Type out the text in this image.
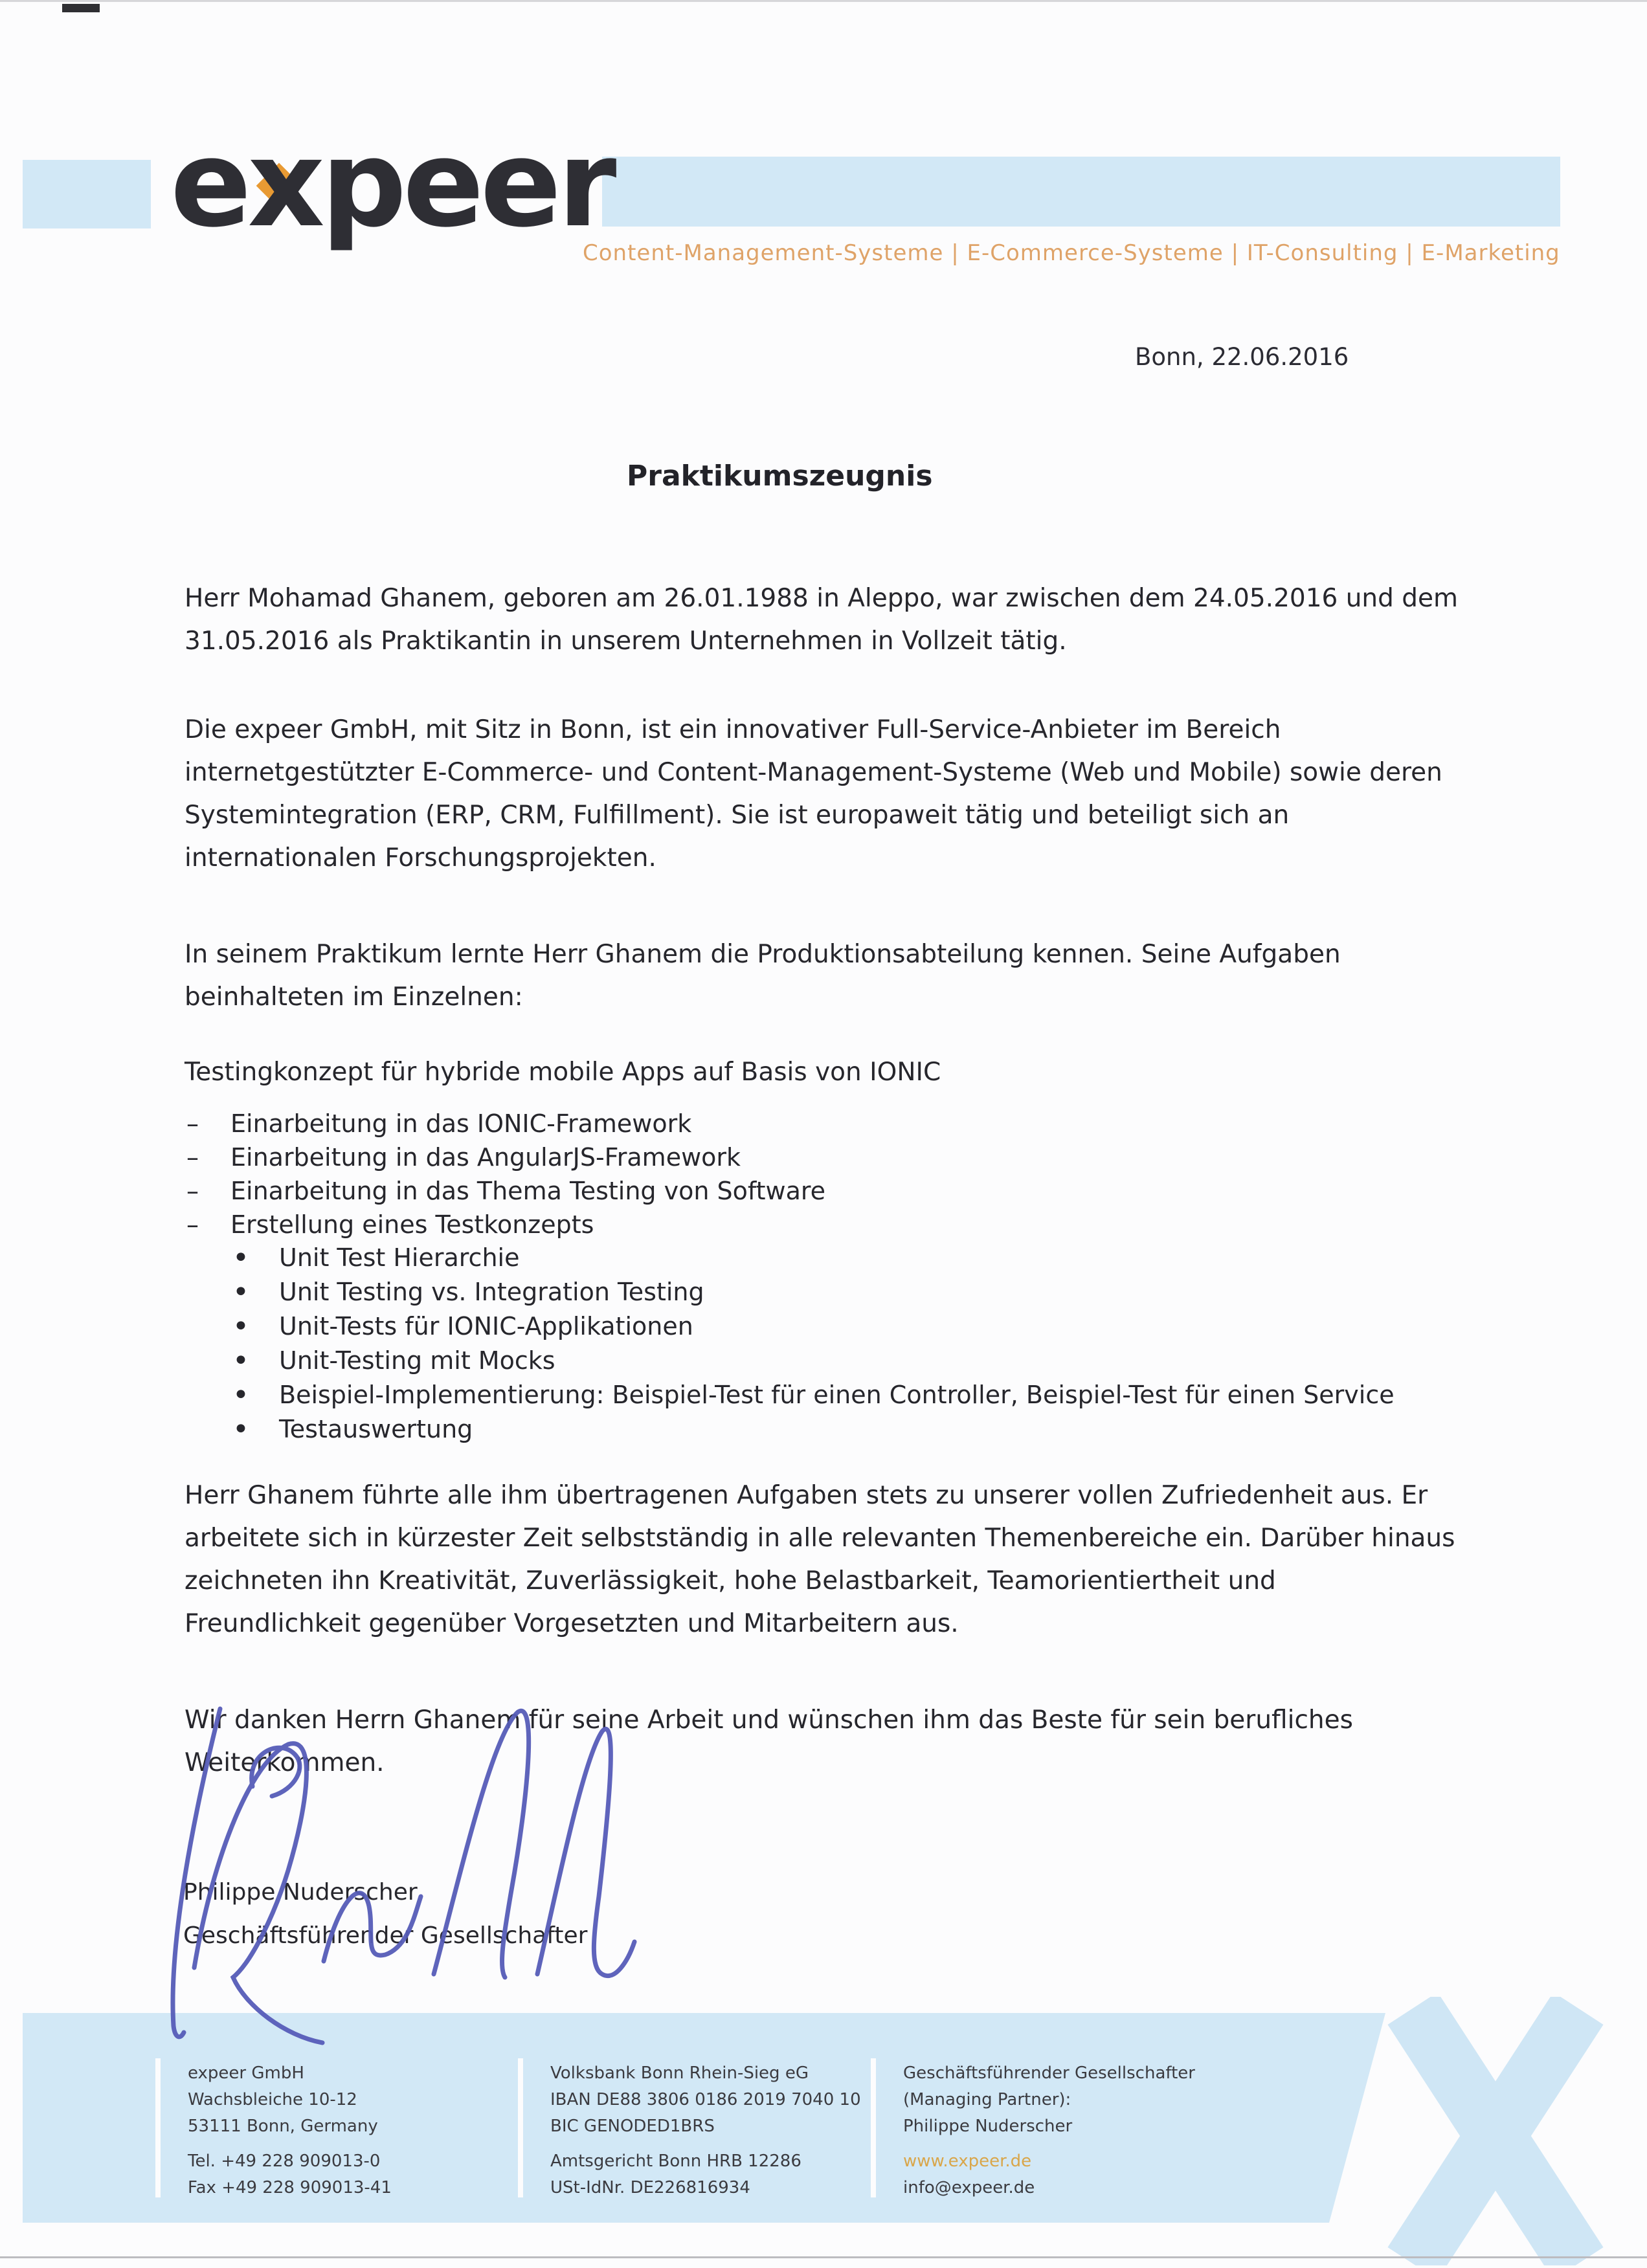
expeer
Content-Management-Systeme | E-Commerce-Systeme | IT-Consulting | E-Marketing
Bonn, 22.06.2016
Praktikumszeugnis
Herr Mohamad Ghanem, geboren am 26.01.1988 in Aleppo, war zwischen dem 24.05.2016 und dem
31.05.2016 als Praktikantin in unserem Unternehmen in Vollzeit tätig.
Die expeer GmbH, mit Sitz in Bonn, ist ein innovativer Full-Service-Anbieter im Bereich
internetgestützter E-Commerce- und Content-Management-Systeme (Web und Mobile) sowie deren
Systemintegration (ERP, CRM, Fulfillment). Sie ist europaweit tätig und beteiligt sich an
internationalen Forschungsprojekten.
In seinem Praktikum lernte Herr Ghanem die Produktionsabteilung kennen. Seine Aufgaben
beinhalteten im Einzelnen:
Testingkonzept für hybride mobile Apps auf Basis von IONIC
– Einarbeitung in das IONIC-Framework
– Einarbeitung in das AngularJS-Framework
– Einarbeitung in das Thema Testing von Software
– Erstellung eines Testkonzepts
• Unit Test Hierarchie
• Unit Testing vs. Integration Testing
• Unit-Tests für IONIC-Applikationen
• Unit-Testing mit Mocks
• Beispiel-Implementierung: Beispiel-Test für einen Controller, Beispiel-Test für einen Service
• Testauswertung
Herr Ghanem führte alle ihm übertragenen Aufgaben stets zu unserer vollen Zufriedenheit aus. Er
arbeitete sich in kürzester Zeit selbstständig in alle relevanten Themenbereiche ein. Darüber hinaus
zeichneten ihn Kreativität, Zuverlässigkeit, hohe Belastbarkeit, Teamorientiertheit und
Freundlichkeit gegenüber Vorgesetzten und Mitarbeitern aus.
Wir danken Herrn Ghanem für seine Arbeit und wünschen ihm das Beste für sein berufliches
Weiterkommen.
Philippe Nuderscher
Geschäftsführender Gesellschafter
expeer GmbH
Wachsbleiche 10-12
53111 Bonn, Germany
Tel. +49 228 909013-0
Fax +49 228 909013-41
Volksbank Bonn Rhein-Sieg eG
IBAN DE88 3806 0186 2019 7040 10
BIC GENODED1BRS
Amtsgericht Bonn HRB 12286
USt-IdNr. DE226816934
Geschäftsführender Gesellschafter
(Managing Partner):
Philippe Nuderscher
www.expeer.de
info@expeer.de
